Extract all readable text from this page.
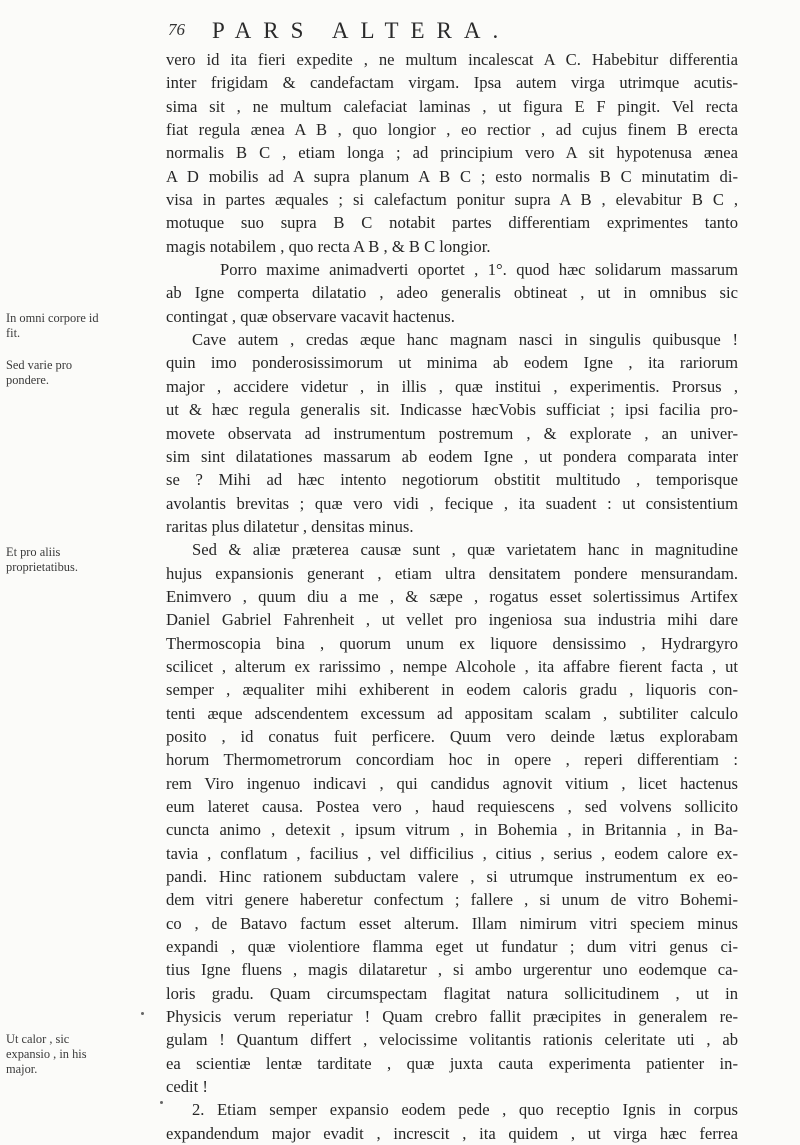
76 PARS ALTERA.
In omni corpore id fit.
Sed varie pro pondere.
Et pro aliis proprietatibus.
Ut calor , sic expansio , in his major.
vero id ita fieri expedite , ne multum incalescat A C. Habebitur differentia
inter frigidam & candefactam virgam. Ipsa autem virga utrimque acutis-
sima sit , ne multum calefaciat laminas , ut figura E F pingit. Vel recta
fiat regula ænea A B , quo longior , eo rectior , ad cujus finem B erecta
normalis B C , etiam longa ; ad principium vero A sit hypotenusa ænea
A D mobilis ad A supra planum A B C ; esto normalis B C minutatim di-
visa in partes æquales ; si calefactum ponitur supra A B , elevabitur B C ,
motuque suo supra B C notabit partes differentiam exprimentes tanto
magis notabilem , quo recta A B , & B C longior.
Porro maxime animadverti oportet , 1°. quod hæc solidarum massarum
ab Igne comperta dilatatio , adeo generalis obtineat , ut in omnibus sic
contingat , quæ observare vacavit hactenus.
Cave autem , credas æque hanc magnam nasci in singulis quibusque !
quin imo ponderosissimorum ut minima ab eodem Igne , ita rariorum
major , accidere videtur , in illis , quæ institui , experimentis. Prorsus ,
ut & hæc regula generalis sit. Indicasse hæcVobis sufficiat ; ipsi facilia pro-
movete observata ad instrumentum postremum , & explorate , an univer-
sim sint dilatationes massarum ab eodem Igne , ut pondera comparata inter
se ? Mihi ad hæc intento negotiorum obstitit multitudo , temporisque
avolantis brevitas ; quæ vero vidi , fecique , ita suadent : ut consistentium
raritas plus dilatetur , densitas minus.
Sed & aliæ præterea causæ sunt , quæ varietatem hanc in magnitudine
hujus expansionis generant , etiam ultra densitatem pondere mensurandam.
Enimvero , quum diu a me , & sæpe , rogatus esset solertissimus Artifex
Daniel Gabriel Fahrenheit , ut vellet pro ingeniosa sua industria mihi dare
Thermoscopia bina , quorum unum ex liquore densissimo , Hydrargyro
scilicet , alterum ex rarissimo , nempe Alcohole , ita affabre fierent facta , ut
semper , æqualiter mihi exhiberent in eodem caloris gradu , liquoris con-
tenti æque adscendentem excessum ad appositam scalam , subtiliter calculo
posito , id conatus fuit perficere. Quum vero deinde lætus explorabam
horum Thermometrorum concordiam hoc in opere , reperi differentiam :
rem Viro ingenuo indicavi , qui candidus agnovit vitium , licet hactenus
eum lateret causa. Postea vero , haud requiescens , sed volvens sollicito
cuncta animo , detexit , ipsum vitrum , in Bohemia , in Britannia , in Ba-
tavia , conflatum , facilius , vel difficilius , citius , serius , eodem calore ex-
pandi. Hinc rationem subductam valere , si utrumque instrumentum ex eo-
dem vitri genere haberetur confectum ; fallere , si unum de vitro Bohemi-
co , de Batavo factum esset alterum. Illam nimirum vitri speciem minus
expandi , quæ violentiore flamma eget ut fundatur ; dum vitri genus ci-
tius Igne fluens , magis dilataretur , si ambo urgerentur uno eodemque ca-
loris gradu. Quam circumspectam flagitat natura sollicitudinem , ut in
Physicis verum reperiatur ! Quam crebro fallit præcipites in generalem re-
gulam ! Quantum differt , velocissime volitantis rationis celeritate uti , ab
ea scientiæ lentæ tarditate , quæ juxta cauta experimenta patienter in-
cedit !
2. Etiam semper expansio eodem pede , quo receptio Ignis in corpus
expandendum major evadit , increscit , ita quidem , ut virga hæc ferrea
